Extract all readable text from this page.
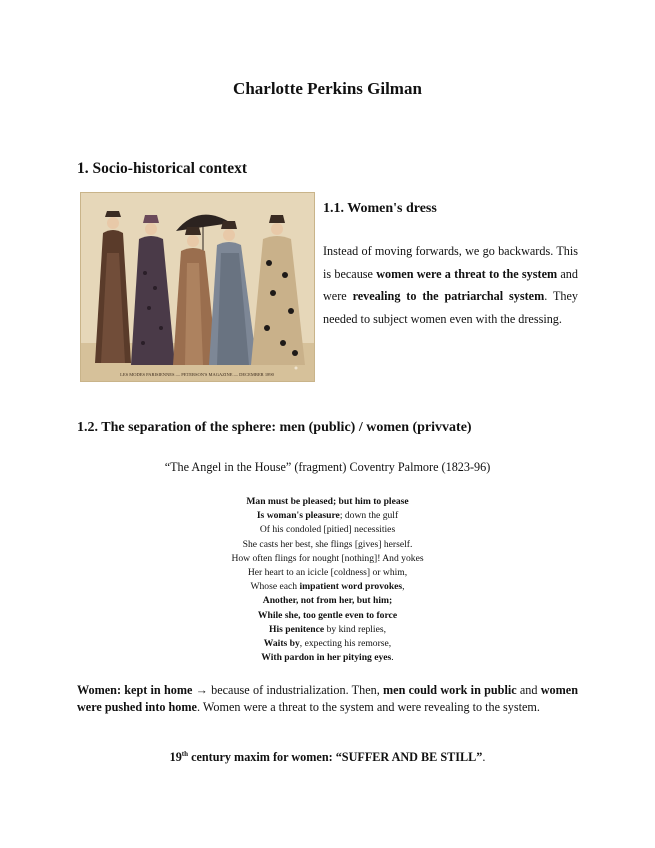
Charlotte Perkins Gilman
1. Socio-historical context
LES MODES PARISIENNES — PETERSON'S MAGAZINE — DECEMBER 1890
1.1. Women's dress

Instead of moving forwards, we go backwards. This is because women were a threat to the system and were revealing to the patriarchal system. They needed to subject women even with the dressing.

1.2. The separation of the sphere: men (public) / women (privvate)

“The Angel in the House” (fragment) Coventry Palmore (1823-96)

Man must be pleased; but him to please
Is woman's pleasure; down the gulf
Of his condoled [pitied] necessities
She casts her best, she flings [gives] herself.
How often flings for nought [nothing]! And yokes
Her heart to an icicle [coldness] or whim,
Whose each impatient word provokes,
Another, not from her, but him;
While she, too gentle even to force
His penitence by kind replies,
Waits by, expecting his remorse,
With pardon in her pitying eyes.

Women: kept in home → because of industrialization. Then, men could work in public and women were pushed into home. Women were a threat to the system and were revealing to the system.

19th century maxim for women: “SUFFER AND BE STILL”.
